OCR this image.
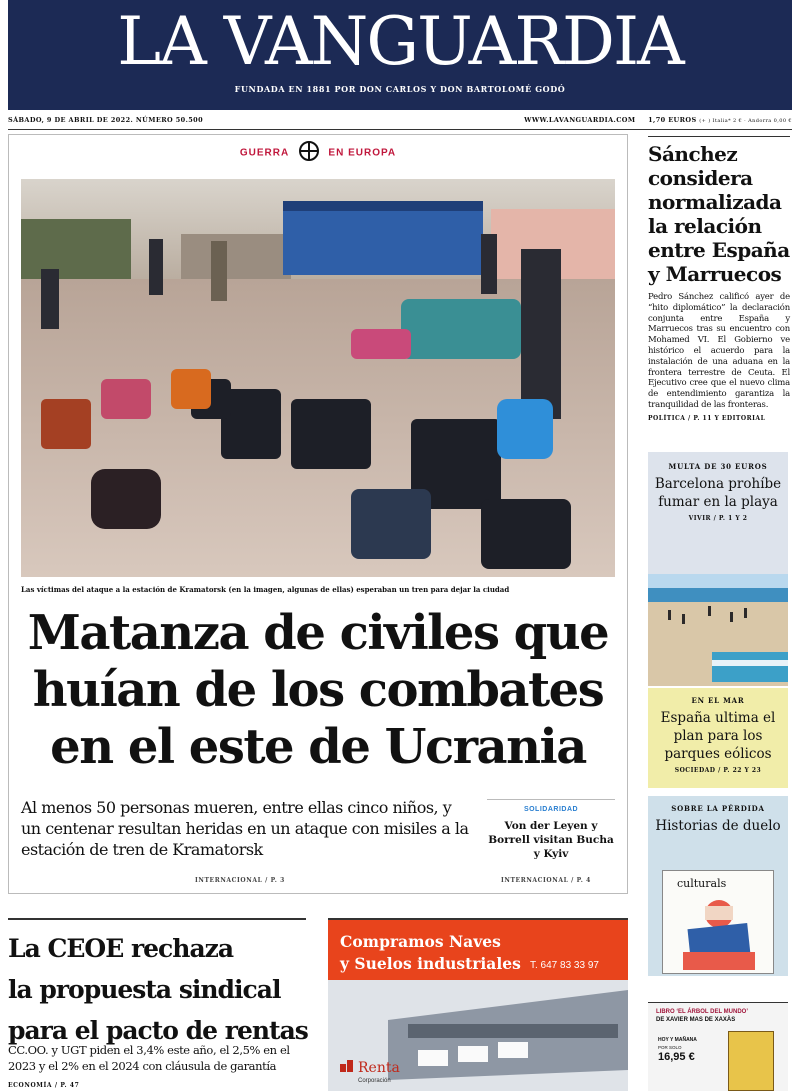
LA VANGUARDIA
FUNDADA EN 1881 POR DON CARLOS Y DON BARTOLOMÉ GODÓ
SÁBADO, 9 DE ABRIL DE 2022. NÚMERO 50.500	WWW.LAVANGUARDIA.COM 1,70 EUROS (+ ) Italia* 2 € · Andorra 0,00 €
GUERRA	EN EUROPA
Las víctimas del ataque a la estación de Kramatorsk (en la imagen, algunas de ellas) esperaban un tren para dejar la ciudad
Matanza de civiles que
huían de los combates
en el este de Ucrania
Al menos 50 personas mueren, entre ellas cinco niños, y un centenar resultan heridas en un ataque con misiles a la estación de tren de Kramatorsk
INTERNACIONAL / P. 3
SOLIDARIDAD
Von der Leyen y Borrell visitan Bucha y Kyiv
INTERNACIONAL / P. 4
Sánchez considera normalizada la relación entre España y Marruecos
Pedro Sánchez calificó ayer de “hito diplomático” la declaración conjunta entre España y Marruecos tras su encuentro con Mohamed VI. El Gobierno ve histórico el acuerdo para la instalación de una aduana en la frontera terrestre de Ceuta. El Ejecutivo cree que el nuevo clima de entendimiento garantiza la tranquilidad de las fronteras.
POLÍTICA / P. 11 Y EDITORIAL
MULTA DE 30 EUROS
Barcelona prohíbe fumar en la playa
VIVIR / P. 1 Y 2
EN EL MAR
España ultima el plan para los parques eólicos
SOCIEDAD / P. 22 Y 23
SOBRE LA PÉRDIDA
Historias de duelo
culturals
LIBRO ‘EL ÁRBOL DEL MUNDO’
DE XAVIER MAS DE XAXÀS
HOY Y MAÑANA
POR SOLO
16,95 €
La CEOE rechaza
la propuesta sindical
para el pacto de rentas
CC.OO. y UGT piden el 3,4% este año, el 2,5% en el 2023 y el 2% en el 2024 con cláusula de garantía
ECONOMÍA / P. 47
Compramos Naves
y Suelos industriales T. 647 83 33 97
Renta
Corporación
